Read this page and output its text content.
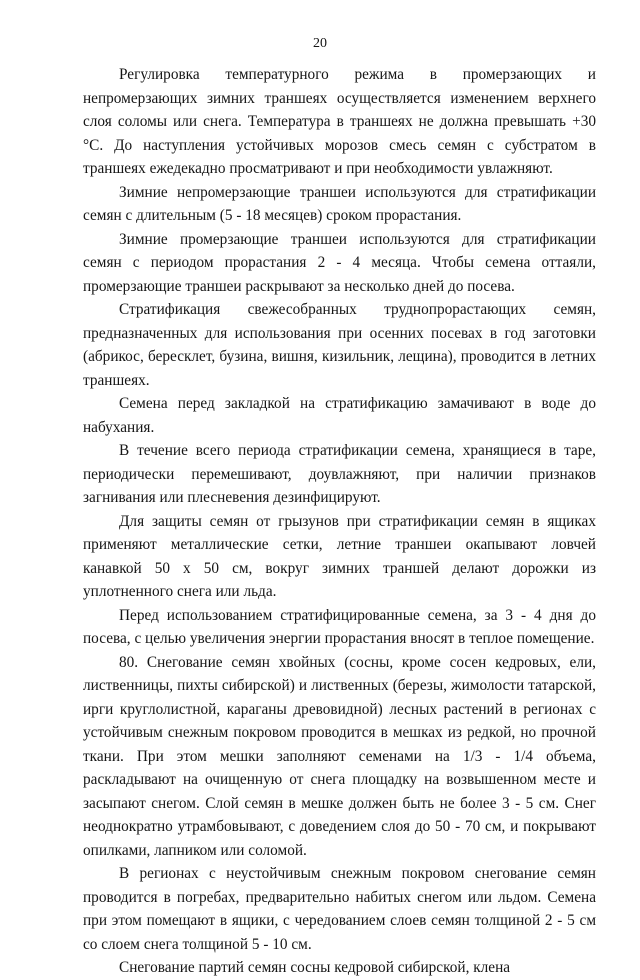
20

Регулировка температурного режима в промерзающих и непромерзающих зимних траншеях осуществляется изменением верхнего слоя соломы или снега. Температура в траншеях не должна превышать +30 °С. До наступления устойчивых морозов смесь семян с субстратом в траншеях ежедекадно просматривают и при необходимости увлажняют.

Зимние непромерзающие траншеи используются для стратификации семян с длительным (5 - 18 месяцев) сроком прорастания.

Зимние промерзающие траншеи используются для стратификации семян с периодом прорастания 2 - 4 месяца. Чтобы семена оттаяли, промерзающие траншеи раскрывают за несколько дней до посева.

Стратификация свежесобранных труднопрорастающих семян, предназначенных для использования при осенних посевах в год заготовки (абрикос, бересклет, бузина, вишня, кизильник, лещина), проводится в летних траншеях.

Семена перед закладкой на стратификацию замачивают в воде до набухания.

В течение всего периода стратификации семена, хранящиеся в таре, периодически перемешивают, доувлажняют, при наличии признаков загнивания или плесневения дезинфицируют.

Для защиты семян от грызунов при стратификации семян в ящиках применяют металлические сетки, летние траншеи окапывают ловчей канавкой 50 х 50 см, вокруг зимних траншей делают дорожки из уплотненного снега или льда.

Перед использованием стратифицированные семена, за 3 - 4 дня до посева, с целью увеличения энергии прорастания вносят в теплое помещение.

80. Снегование семян хвойных (сосны, кроме сосен кедровых, ели, лиственницы, пихты сибирской) и лиственных (березы, жимолости татарской, ирги круглолистной, караганы древовидной) лесных растений в регионах с устойчивым снежным покровом проводится в мешках из редкой, но прочной ткани. При этом мешки заполняют семенами на 1/3 - 1/4 объема, раскладывают на очищенную от снега площадку на возвышенном месте и засыпают снегом. Слой семян в мешке должен быть не более 3 - 5 см. Снег неоднократно утрамбовывают, с доведением слоя до 50 - 70 см, и покрывают опилками, лапником или соломой.

В регионах с неустойчивым снежным покровом снегование семян проводится в погребах, предварительно набитых снегом или льдом. Семена при этом помещают в ящики, с чередованием слоев семян толщиной 2 - 5 см со слоем снега толщиной 5 - 10 см.

Снегование партий семян сосны кедровой сибирской, клена
